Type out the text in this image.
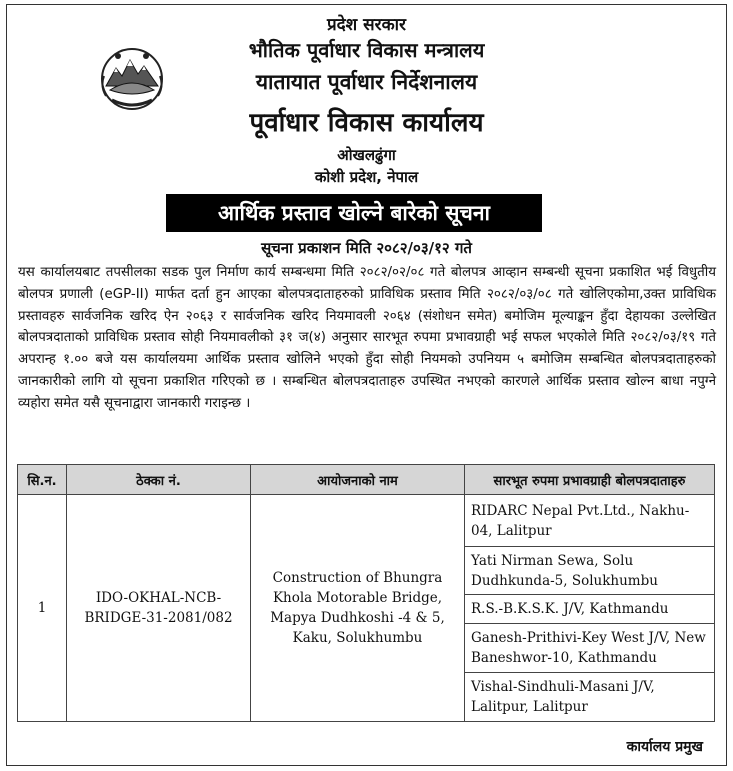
प्रदेश सरकार
भौतिक पूर्वाधार विकास मन्त्रालय
यातायात पूर्वाधार निर्देशनालय
पूर्वाधार विकास कार्यालय
ओखलढुंगा
कोशी प्रदेश, नेपाल
आर्थिक प्रस्ताव खोल्ने बारेको सूचना
सूचना प्रकाशन मिति २०८२/०३/१२ गते
यस कार्यालयबाट तपसीलका सडक पुल निर्माण कार्य सम्बन्धमा मिति २०८२/०२/०८ गते बोलपत्र आव्हान सम्बन्धी सूचना प्रकाशित भई विधुतीय बोलपत्र प्रणाली (eGP-II) मार्फत दर्ता हुन आएका बोलपत्रदाताहरुको प्राविधिक प्रस्ताव मिति २०८२/०३/०८ गते खोलिएकोमा,उक्त प्राविधिक प्रस्तावहरु सार्वजनिक खरिद ऐन २०६३ र सार्वजनिक खरिद नियमावली २०६४ (संशोधन समेत) बमोजिम मूल्याङ्कन हुँदा देहायका उल्लेखित बोलपत्रदाताको प्राविधिक प्रस्ताव सोही नियमावलीको ३१ ज(४) अनुसार सारभूत रुपमा प्रभावग्राही भई सफल भएकोले मिति २०८२/०३/१९ गते अपरान्ह १.०० बजे यस कार्यालयमा आर्थिक प्रस्ताव खोलिने भएको हुँदा सोही नियमको उपनियम ५ बमोजिम सम्बन्धित बोलपत्रदाताहरुको जानकारीको लागि यो सूचना प्रकाशित गरिएको छ । सम्बन्धित बोलपत्रदाताहरु उपस्थित नभएको कारणले आर्थिक प्रस्ताव खोल्न बाधा नपुग्ने व्यहोरा समेत यसै सूचनाद्वारा जानकारी गराइन्छ ।
सि.न.	ठेक्का नं.	आयोजनाको नाम	सारभूत रुपमा प्रभावग्राही बोलपत्रदाताहरु
1	IDO-OKHAL-NCB-BRIDGE-31-2081/082	Construction of Bhungra Khola Motorable Bridge, Mapya Dudhkoshi -4 & 5, Kaku, Solukhumbu	RIDARC Nepal Pvt.Ltd., Nakhu-04, Lalitpur
			Yati Nirman Sewa, Solu Dudhkunda-5, Solukhumbu
			R.S.-B.K.S.K. J/V, Kathmandu
			Ganesh-Prithivi-Key West J/V, New Baneshwor-10, Kathmandu
			Vishal-Sindhuli-Masani J/V, Lalitpur, Lalitpur
कार्यालय प्रमुख
